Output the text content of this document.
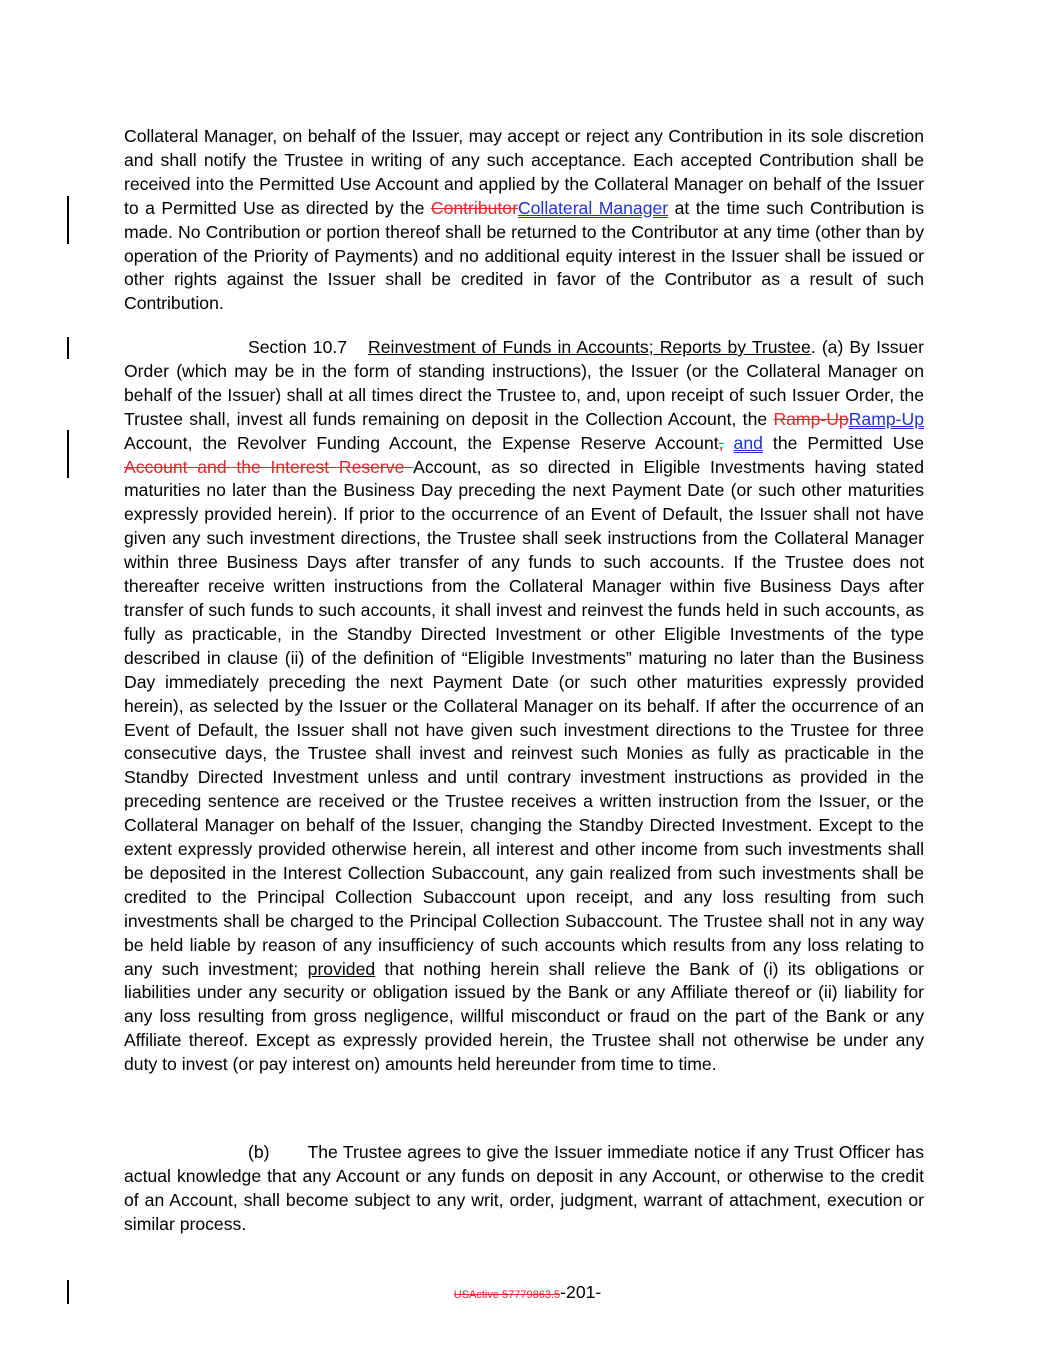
Collateral Manager, on behalf of the Issuer, may accept or reject any Contribution in its sole discretion and shall notify the Trustee in writing of any such acceptance. Each accepted Contribution shall be received into the Permitted Use Account and applied by the Collateral Manager on behalf of the Issuer to a Permitted Use as directed by the ContributorCollateral Manager at the time such Contribution is made. No Contribution or portion thereof shall be returned to the Contributor at any time (other than by operation of the Priority of Payments) and no additional equity interest in the Issuer shall be issued or other rights against the Issuer shall be credited in favor of the Contributor as a result of such Contribution.

Section 10.7 Reinvestment of Funds in Accounts; Reports by Trustee. (a) By Issuer Order (which may be in the form of standing instructions), the Issuer (or the Collateral Manager on behalf of the Issuer) shall at all times direct the Trustee to, and, upon receipt of such Issuer Order, the Trustee shall, invest all funds remaining on deposit in the Collection Account, the Ramp-UpRamp-Up Account, the Revolver Funding Account, the Expense Reserve Account, and the Permitted Use Account and the Interest Reserve Account, as so directed in Eligible Investments having stated maturities no later than the Business Day preceding the next Payment Date (or such other maturities expressly provided herein). If prior to the occurrence of an Event of Default, the Issuer shall not have given any such investment directions, the Trustee shall seek instructions from the Collateral Manager within three Business Days after transfer of any funds to such accounts. If the Trustee does not thereafter receive written instructions from the Collateral Manager within five Business Days after transfer of such funds to such accounts, it shall invest and reinvest the funds held in such accounts, as fully as practicable, in the Standby Directed Investment or other Eligible Investments of the type described in clause (ii) of the definition of “Eligible Investments” maturing no later than the Business Day immediately preceding the next Payment Date (or such other maturities expressly provided herein), as selected by the Issuer or the Collateral Manager on its behalf. If after the occurrence of an Event of Default, the Issuer shall not have given such investment directions to the Trustee for three consecutive days, the Trustee shall invest and reinvest such Monies as fully as practicable in the Standby Directed Investment unless and until contrary investment instructions as provided in the preceding sentence are received or the Trustee receives a written instruction from the Issuer, or the Collateral Manager on behalf of the Issuer, changing the Standby Directed Investment. Except to the extent expressly provided otherwise herein, all interest and other income from such investments shall be deposited in the Interest Collection Subaccount, any gain realized from such investments shall be credited to the Principal Collection Subaccount upon receipt, and any loss resulting from such investments shall be charged to the Principal Collection Subaccount. The Trustee shall not in any way be held liable by reason of any insufficiency of such accounts which results from any loss relating to any such investment; provided that nothing herein shall relieve the Bank of (i) its obligations or liabilities under any security or obligation issued by the Bank or any Affiliate thereof or (ii) liability for any loss resulting from gross negligence, willful misconduct or fraud on the part of the Bank or any Affiliate thereof. Except as expressly provided herein, the Trustee shall not otherwise be under any duty to invest (or pay interest on) amounts held hereunder from time to time.

(b) The Trustee agrees to give the Issuer immediate notice if any Trust Officer has actual knowledge that any Account or any funds on deposit in any Account, or otherwise to the credit of an Account, shall become subject to any writ, order, judgment, warrant of attachment, execution or similar process.

USActive 57779863.5-201-
